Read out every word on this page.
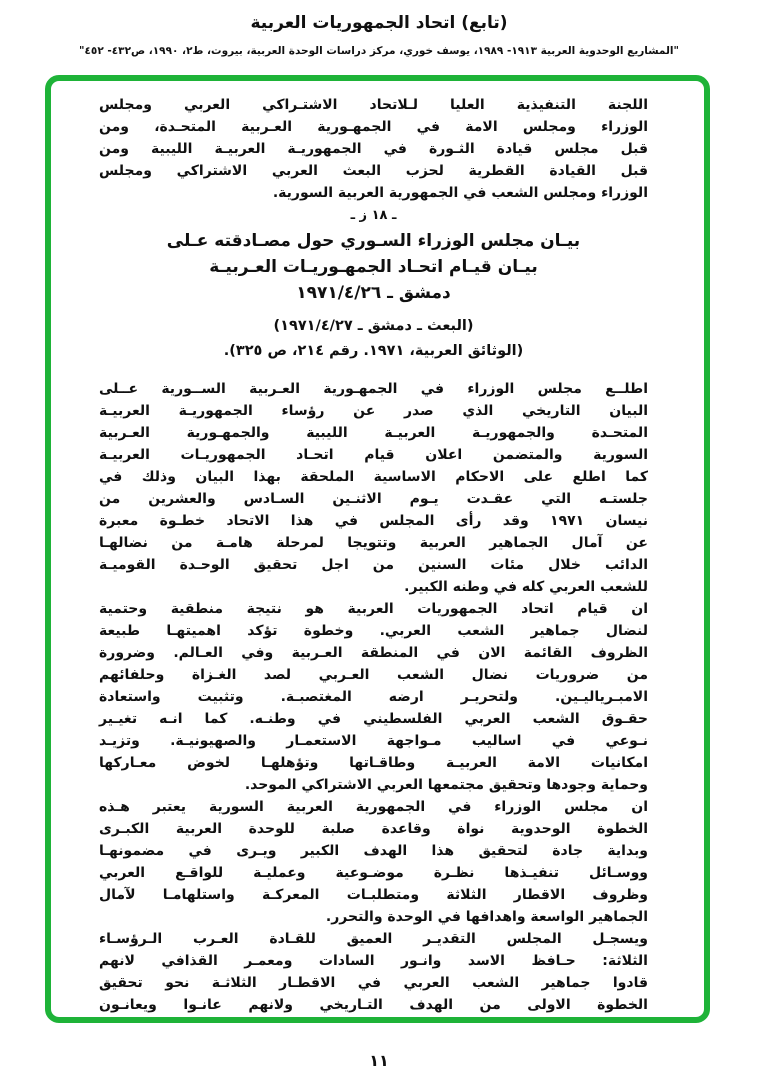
(تابع) اتحاد الجمهوريات العربية
"المشاريع الوحدوية العربية ١٩١٣- ١٩٨٩، يوسف خوري، مركز دراسات الوحدة العربية، بيروت، ط٢، ١٩٩٠، ص٤٣٢- ٤٥٢"
اللجنة التنفيذية العليا لـلاتحاد الاشتـراكي العربي ومجلس
الوزراء ومجلس الامة في الجمهـورية العـربية المتحـدة، ومن
قبل مجلس قيادة الثـورة في الجمهوريـة العربيـة الليبية ومن
قبل القيادة القطرية لحزب البعث العربي الاشتراكي ومجلس
الوزراء ومجلس الشعب في الجمهورية العربية السورية.
ـ ١٨ ز ـ
بيـان مجلس الوزراء السـوري حول مصـادقته عـلى
بيـان قيـام اتحـاد الجمهـوريـات العـربيـة
دمشق ـ ١٩٧١/٤/٢٦
(البعث ـ دمشق ـ ١٩٧١/٤/٢٧)
(الوثائق العربية، ١٩٧١. رقم ٢١٤، ص ٣٢٥).
اطلــع مجلس الوزراء في الجمهـورية العـربية الســورية عــلى
البيان التاريخي الذي صدر عن رؤساء الجمهوريـة العربيـة
المتحـدة والجمهوريـة العربيـة الليبية والجمهـورية العـربية
السورية والمتضمن اعلان قيام اتحـاد الجمهوريـات العربيـة
كما اطلع على الاحكام الاساسية الملحقة بهذا البيان وذلك في
جلستـه التي عقـدت يـوم الاثنـين السـادس والعشرين من
نيسان ١٩٧١ وقد رأى المجلس في هذا الاتحاد خطـوة معبرة
عن آمال الجماهير العربية وتتويجا لمرحلة هامـة من نضالهـا
الدائب خلال مئات السنين من اجل تحقيق الوحـدة القوميـة
للشعب العربي كله في وطنه الكبير.
ان قيام اتحاد الجمهوريات العربية هو نتيجة منطقية وحتمية
لنضال جماهير الشعب العربي. وخطوة تؤكد اهميتهـا طبيعة
الظروف القائمة الان في المنطقة العـربية وفي العـالم. وضرورة
من ضروريات نضال الشعب العـربي لصد الغـزاة وحلفائهم
الامبـرياليـين. ولتحريـر ارضه المغتصبـة. وتثبيت واستعادة
حقـوق الشعب العربي الفلسطيني في وطنـه. كما انـه تغيـير
نـوعي في اساليب مـواجهة الاستعمـار والصهيونيـة. وتزيـد
امكانيات الامة العربيـة وطاقـاتها وتؤهلهـا لخوض معـاركها
وحماية وجودها وتحقيق مجتمعها العربي الاشتراكي الموحد.
ان مجلس الوزراء في الجمهورية العربية السورية يعتبر هـذه
الخطوة الوحدوية نواة وقاعدة صلبة للوحدة العربية الكبـرى
وبداية جادة لتحقيق هذا الهدف الكبير ويـرى في مضمونهـا
ووسـائل تنفيـذها نظـرة موضـوعية وعمليـة للواقـع العربي
وظروف الاقطار الثلاثة ومتطلبـات المعركـة واستلهامـا لآمال
الجماهير الواسعة واهدافها في الوحدة والتحرر.
ويسجـل المجلس التقديـر العميق للقـادة العـرب الـرؤسـاء
الثلاثة: حـافظ الاسد وانـور السادات ومعمـر القذافي لانهم
قادوا جماهير الشعب العربي في الاقطـار الثلاثـة نحو تحقيق
الخطوة الاولى من الهدف التـاريخي ولانهم عانـوا ويعانـون
١١
